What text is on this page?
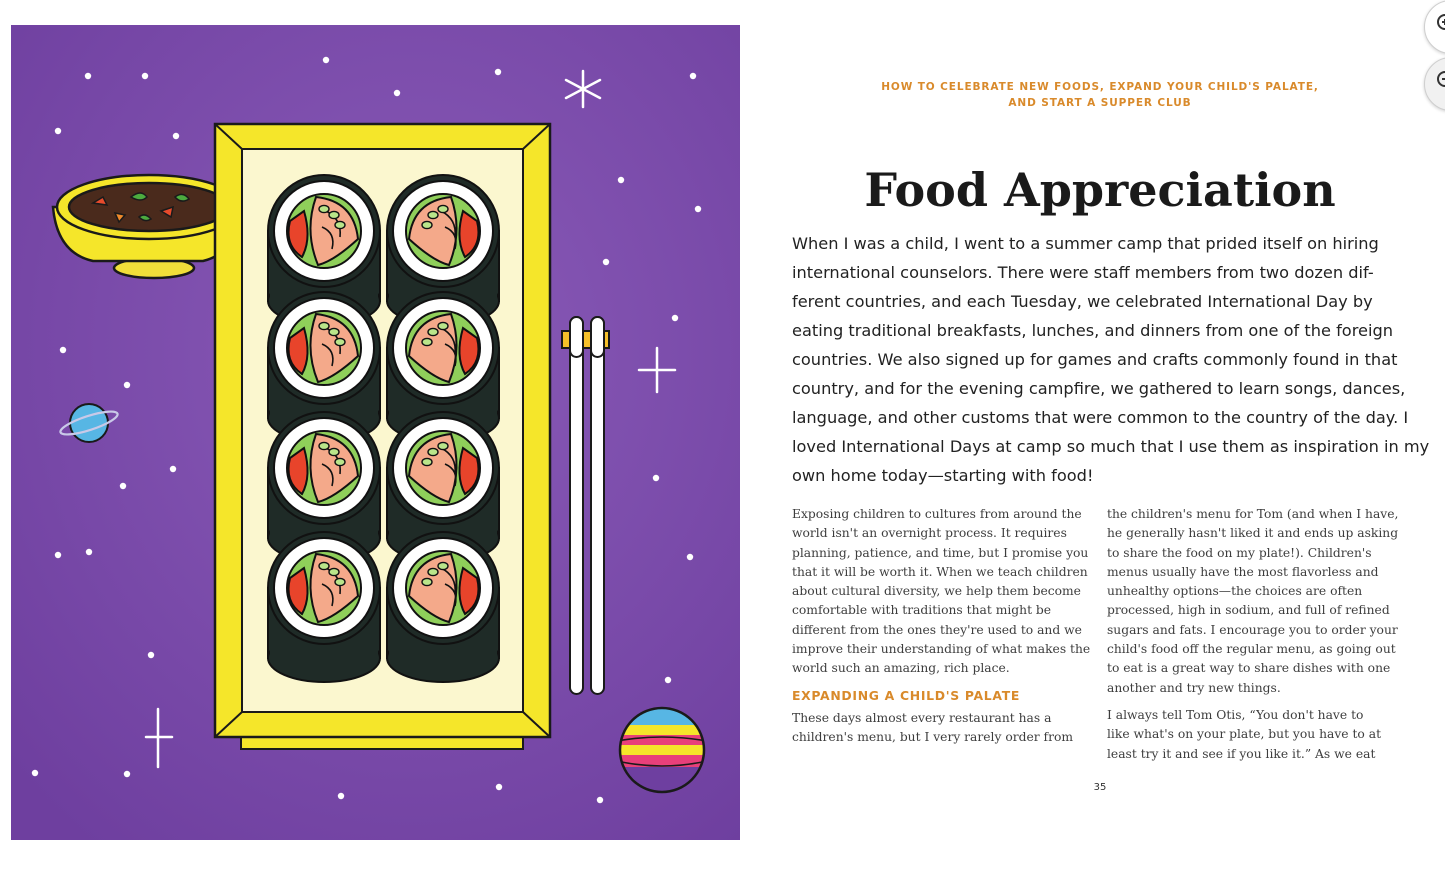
HOW TO CELEBRATE NEW FOODS, EXPAND YOUR CHILD'S PALATE,
AND START A SUPPER CLUB
Food Appreciation
When I was a child, I went to a summer camp that prided itself on hiring
international counselors. There were staff members from two dozen dif-
ferent countries, and each Tuesday, we celebrated International Day by
eating traditional breakfasts, lunches, and dinners from one of the foreign
countries. We also signed up for games and crafts commonly found in that
country, and for the evening campfire, we gathered to learn songs, dances,
language, and other customs that were common to the country of the day. I
loved International Days at camp so much that I use them as inspiration in my
own home today—starting with food!
Exposing children to cultures from around the
world isn't an overnight process. It requires
planning, patience, and time, but I promise you
that it will be worth it. When we teach children
about cultural diversity, we help them become
comfortable with traditions that might be
different from the ones they're used to and we
improve their understanding of what makes the
world such an amazing, rich place.
EXPANDING A CHILD'S PALATE
These days almost every restaurant has a
children's menu, but I very rarely order from
the children's menu for Tom (and when I have,
he generally hasn't liked it and ends up asking
to share the food on my plate!). Children's
menus usually have the most flavorless and
unhealthy options—the choices are often
processed, high in sodium, and full of refined
sugars and fats. I encourage you to order your
child's food off the regular menu, as going out
to eat is a great way to share dishes with one
another and try new things.
I always tell Tom Otis, “You don't have to
like what's on your plate, but you have to at
least try it and see if you like it.” As we eat
35
